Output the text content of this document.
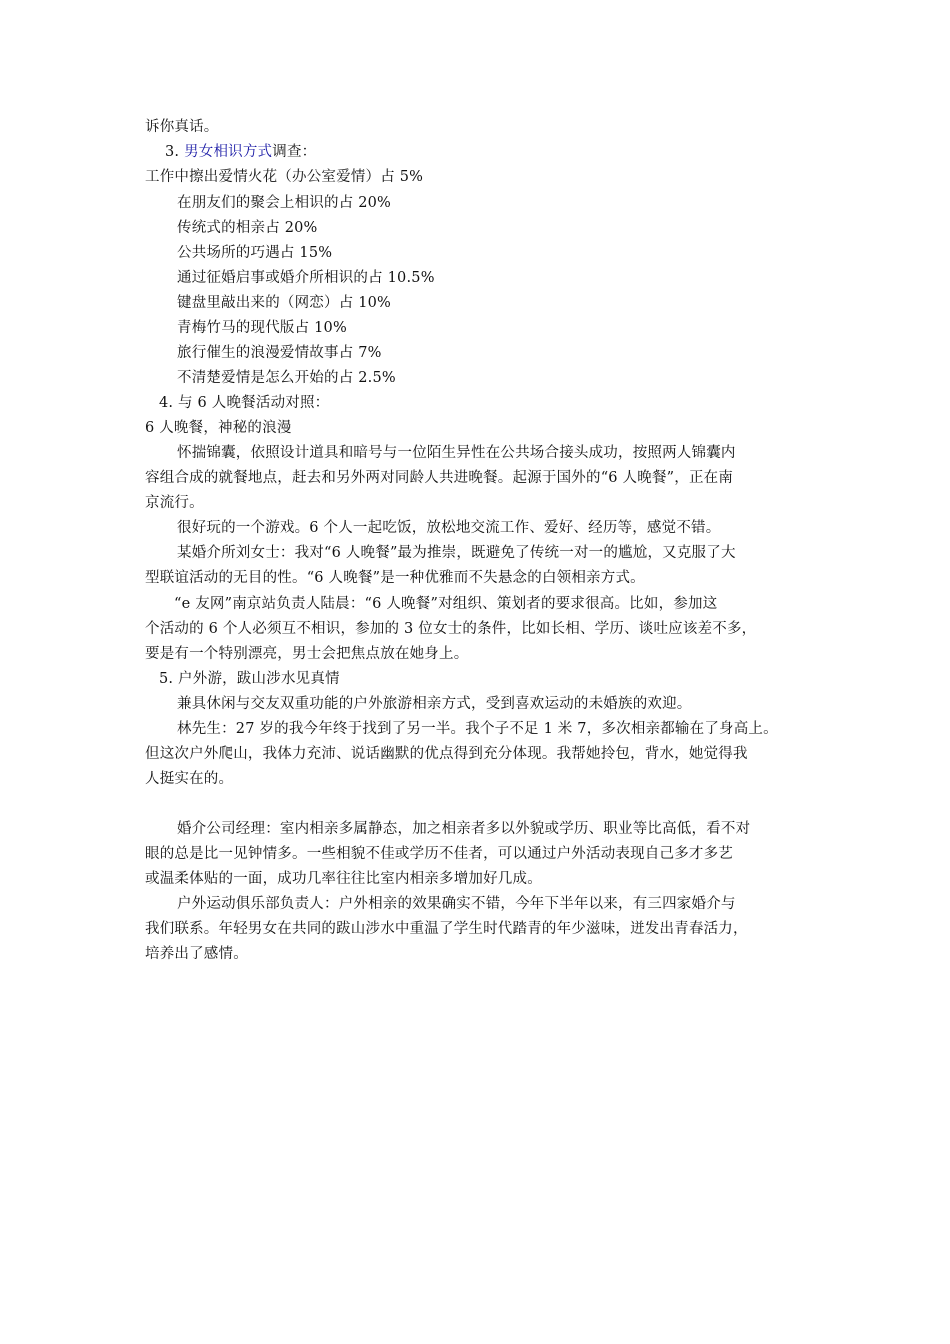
诉你真话。
3. 男女相识方式调查：
工作中擦出爱情火花（办公室爱情）占 5%
在朋友们的聚会上相识的占 20%
传统式的相亲占 20%
公共场所的巧遇占 15%
通过征婚启事或婚介所相识的占 10.5%
键盘里敲出来的（网恋）占 10%
青梅竹马的现代版占 10%
旅行催生的浪漫爱情故事占 7%
不清楚爱情是怎么开始的占 2.5%
4. 与 6 人晚餐活动对照：
6 人晚餐，神秘的浪漫
怀揣锦囊，依照设计道具和暗号与一位陌生异性在公共场合接头成功，按照两人锦囊内
容组合成的就餐地点，赶去和另外两对同龄人共进晚餐。起源于国外的“6 人晚餐”，正在南
京流行。
很好玩的一个游戏。6 个人一起吃饭，放松地交流工作、爱好、经历等，感觉不错。
某婚介所刘女士：我对“6 人晚餐”最为推崇，既避免了传统一对一的尴尬，又克服了大
型联谊活动的无目的性。“6 人晚餐”是一种优雅而不失悬念的白领相亲方式。
“e 友网”南京站负责人陆晨：“6 人晚餐”对组织、策划者的要求很高。比如，参加这
个活动的 6 个人必须互不相识，参加的 3 位女士的条件，比如长相、学历、谈吐应该差不多，
要是有一个特别漂亮，男士会把焦点放在她身上。
5. 户外游，跋山涉水见真情
兼具休闲与交友双重功能的户外旅游相亲方式，受到喜欢运动的未婚族的欢迎。
林先生：27 岁的我今年终于找到了另一半。我个子不足 1 米 7，多次相亲都输在了身高上。
但这次户外爬山，我体力充沛、说话幽默的优点得到充分体现。我帮她拎包，背水，她觉得我
人挺实在的。
婚介公司经理：室内相亲多属静态，加之相亲者多以外貌或学历、职业等比高低，看不对
眼的总是比一见钟情多。一些相貌不佳或学历不佳者，可以通过户外活动表现自己多才多艺
或温柔体贴的一面，成功几率往往比室内相亲多增加好几成。
户外运动俱乐部负责人：户外相亲的效果确实不错，今年下半年以来，有三四家婚介与
我们联系。年轻男女在共同的跋山涉水中重温了学生时代踏青的年少滋味，迸发出青春活力，
培养出了感情。
